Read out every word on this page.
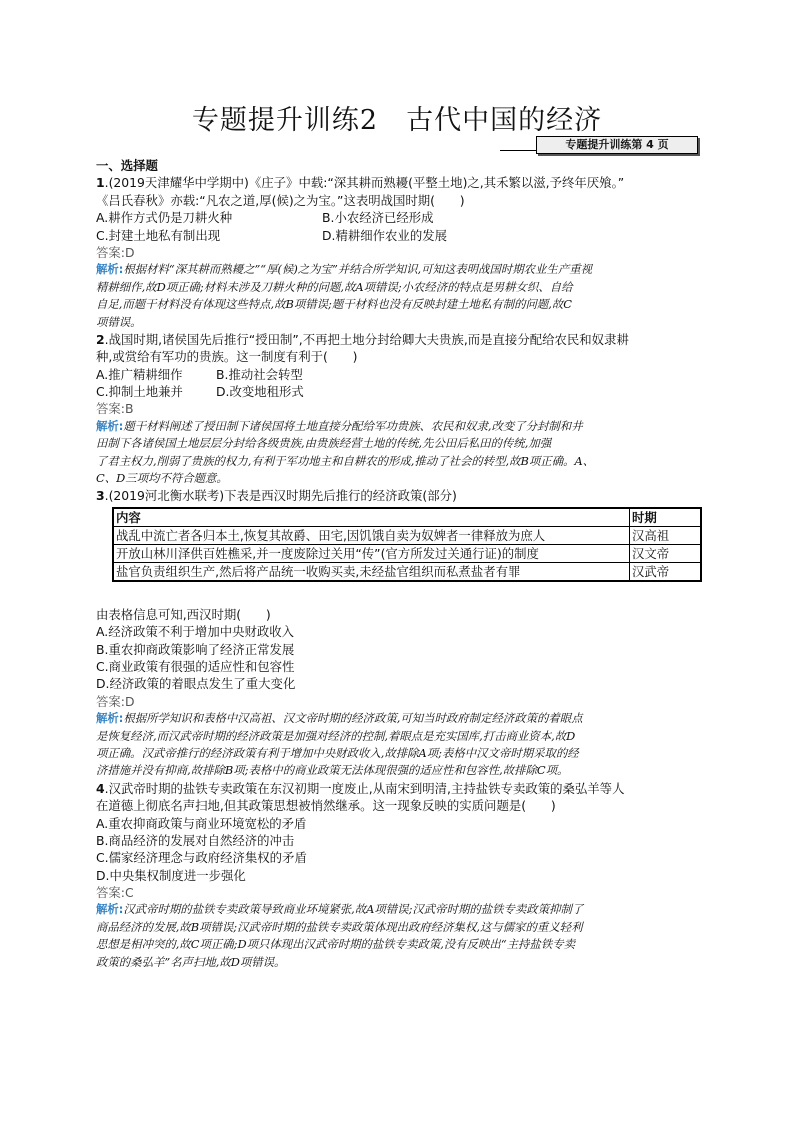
专题提升训练2　古代中国的经济
专题提升训练第 4 页
一、选择题
1.(2019天津耀华中学期中)《庄子》中载:“深其耕而熟耰(平整土地)之,其禾繁以滋,予终年厌飧。”
《吕氏春秋》亦载:“凡农之道,厚(候)之为宝。”这表明战国时期(　　)
A.耕作方式仍是刀耕火种	B.小农经济已经形成
C.封建土地私有制出现	D.精耕细作农业的发展
答案:D
解析:根据材料“深其耕而熟耰之”“厚(候)之为宝”并结合所学知识,可知这表明战国时期农业生产重视
精耕细作,故D项正确;材料未涉及刀耕火种的问题,故A项错误;小农经济的特点是男耕女织、自给
自足,而题干材料没有体现这些特点,故B项错误;题干材料也没有反映封建土地私有制的问题,故C
项错误。
2.战国时期,诸侯国先后推行“授田制”,不再把土地分封给卿大夫贵族,而是直接分配给农民和奴隶耕
种,或赏给有军功的贵族。这一制度有利于(　　)
A.推广精耕细作	B.推动社会转型
C.抑制土地兼并	D.改变地租形式
答案:B
解析:题干材料阐述了授田制下诸侯国将土地直接分配给军功贵族、农民和奴隶,改变了分封制和井
田制下各诸侯国土地层层分封给各级贵族,由贵族经营土地的传统,先公田后私田的传统,加强
了君主权力,削弱了贵族的权力,有利于军功地主和自耕农的形成,推动了社会的转型,故B项正确。A、
C、D三项均不符合题意。
3.(2019河北衡水联考)下表是西汉时期先后推行的经济政策(部分)
内容	时期
战乱中流亡者各归本土,恢复其故爵、田宅,因饥饿自卖为奴婢者一律释放为庶人	汉高祖
开放山林川泽供百姓樵采,并一度废除过关用“传”(官方所发过关通行证)的制度	汉文帝
盐官负责组织生产,然后将产品统一收购买卖,未经盐官组织而私煮盐者有罪	汉武帝
由表格信息可知,西汉时期(　　)
A.经济政策不利于增加中央财政收入
B.重农抑商政策影响了经济正常发展
C.商业政策有很强的适应性和包容性
D.经济政策的着眼点发生了重大变化
答案:D
解析:根据所学知识和表格中汉高祖、汉文帝时期的经济政策,可知当时政府制定经济政策的着眼点
是恢复经济,而汉武帝时期的经济政策是加强对经济的控制,着眼点是充实国库,打击商业资本,故D
项正确。汉武帝推行的经济政策有利于增加中央财政收入,故排除A项;表格中汉文帝时期采取的经
济措施并没有抑商,故排除B项;表格中的商业政策无法体现很强的适应性和包容性,故排除C项。
4.汉武帝时期的盐铁专卖政策在东汉初期一度废止,从南宋到明清,主持盐铁专卖政策的桑弘羊等人
在道德上彻底名声扫地,但其政策思想被悄然继承。这一现象反映的实质问题是(　　)
A.重农抑商政策与商业环境宽松的矛盾
B.商品经济的发展对自然经济的冲击
C.儒家经济理念与政府经济集权的矛盾
D.中央集权制度进一步强化
答案:C
解析:汉武帝时期的盐铁专卖政策导致商业环境紧张,故A项错误;汉武帝时期的盐铁专卖政策抑制了
商品经济的发展,故B项错误;汉武帝时期的盐铁专卖政策体现出政府经济集权,这与儒家的重义轻利
思想是相冲突的,故C项正确;D项只体现出汉武帝时期的盐铁专卖政策,没有反映出“主持盐铁专卖
政策的桑弘羊”名声扫地,故D项错误。
